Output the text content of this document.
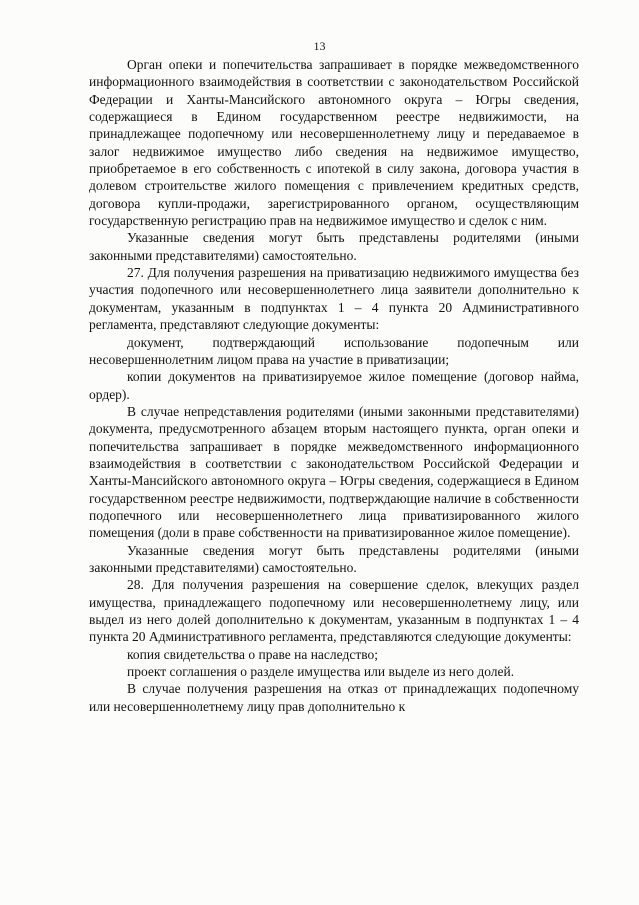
13

Орган опеки и попечительства запрашивает в порядке межведомственного информационного взаимодействия в соответствии с законодательством Российской Федерации и Ханты-Мансийского автономного округа – Югры сведения, содержащиеся в Едином государственном реестре недвижимости, на принадлежащее подопечному или несовершеннолетнему лицу и передаваемое в залог недвижимое имущество либо сведения на недвижимое имущество, приобретаемое в его собственность с ипотекой в силу закона, договора участия в долевом строительстве жилого помещения с привлечением кредитных средств, договора купли-продажи, зарегистрированного органом, осуществляющим государственную регистрацию прав на недвижимое имущество и сделок с ним.

Указанные сведения могут быть представлены родителями (иными законными представителями) самостоятельно.

27. Для получения разрешения на приватизацию недвижимого имущества без участия подопечного или несовершеннолетнего лица заявители дополнительно к документам, указанным в подпунктах 1 – 4 пункта 20 Административного регламента, представляют следующие документы:

документ, подтверждающий использование подопечным или несовершеннолетним лицом права на участие в приватизации;

копии документов на приватизируемое жилое помещение (договор найма, ордер).

В случае непредставления родителями (иными законными представителями) документа, предусмотренного абзацем вторым настоящего пункта, орган опеки и попечительства запрашивает в порядке межведомственного информационного взаимодействия в соответствии с законодательством Российской Федерации и Ханты-Мансийского автономного округа – Югры сведения, содержащиеся в Едином государственном реестре недвижимости, подтверждающие наличие в собственности подопечного или несовершеннолетнего лица приватизированного жилого помещения (доли в праве собственности на приватизированное жилое помещение).

Указанные сведения могут быть представлены родителями (иными законными представителями) самостоятельно.

28. Для получения разрешения на совершение сделок, влекущих раздел имущества, принадлежащего подопечному или несовершеннолетнему лицу, или выдел из него долей дополнительно к документам, указанным в подпунктах 1 – 4 пункта 20 Административного регламента, представляются следующие документы:

копия свидетельства о праве на наследство;

проект соглашения о разделе имущества или выделе из него долей.

В случае получения разрешения на отказ от принадлежащих подопечному или несовершеннолетнему лицу прав дополнительно к
